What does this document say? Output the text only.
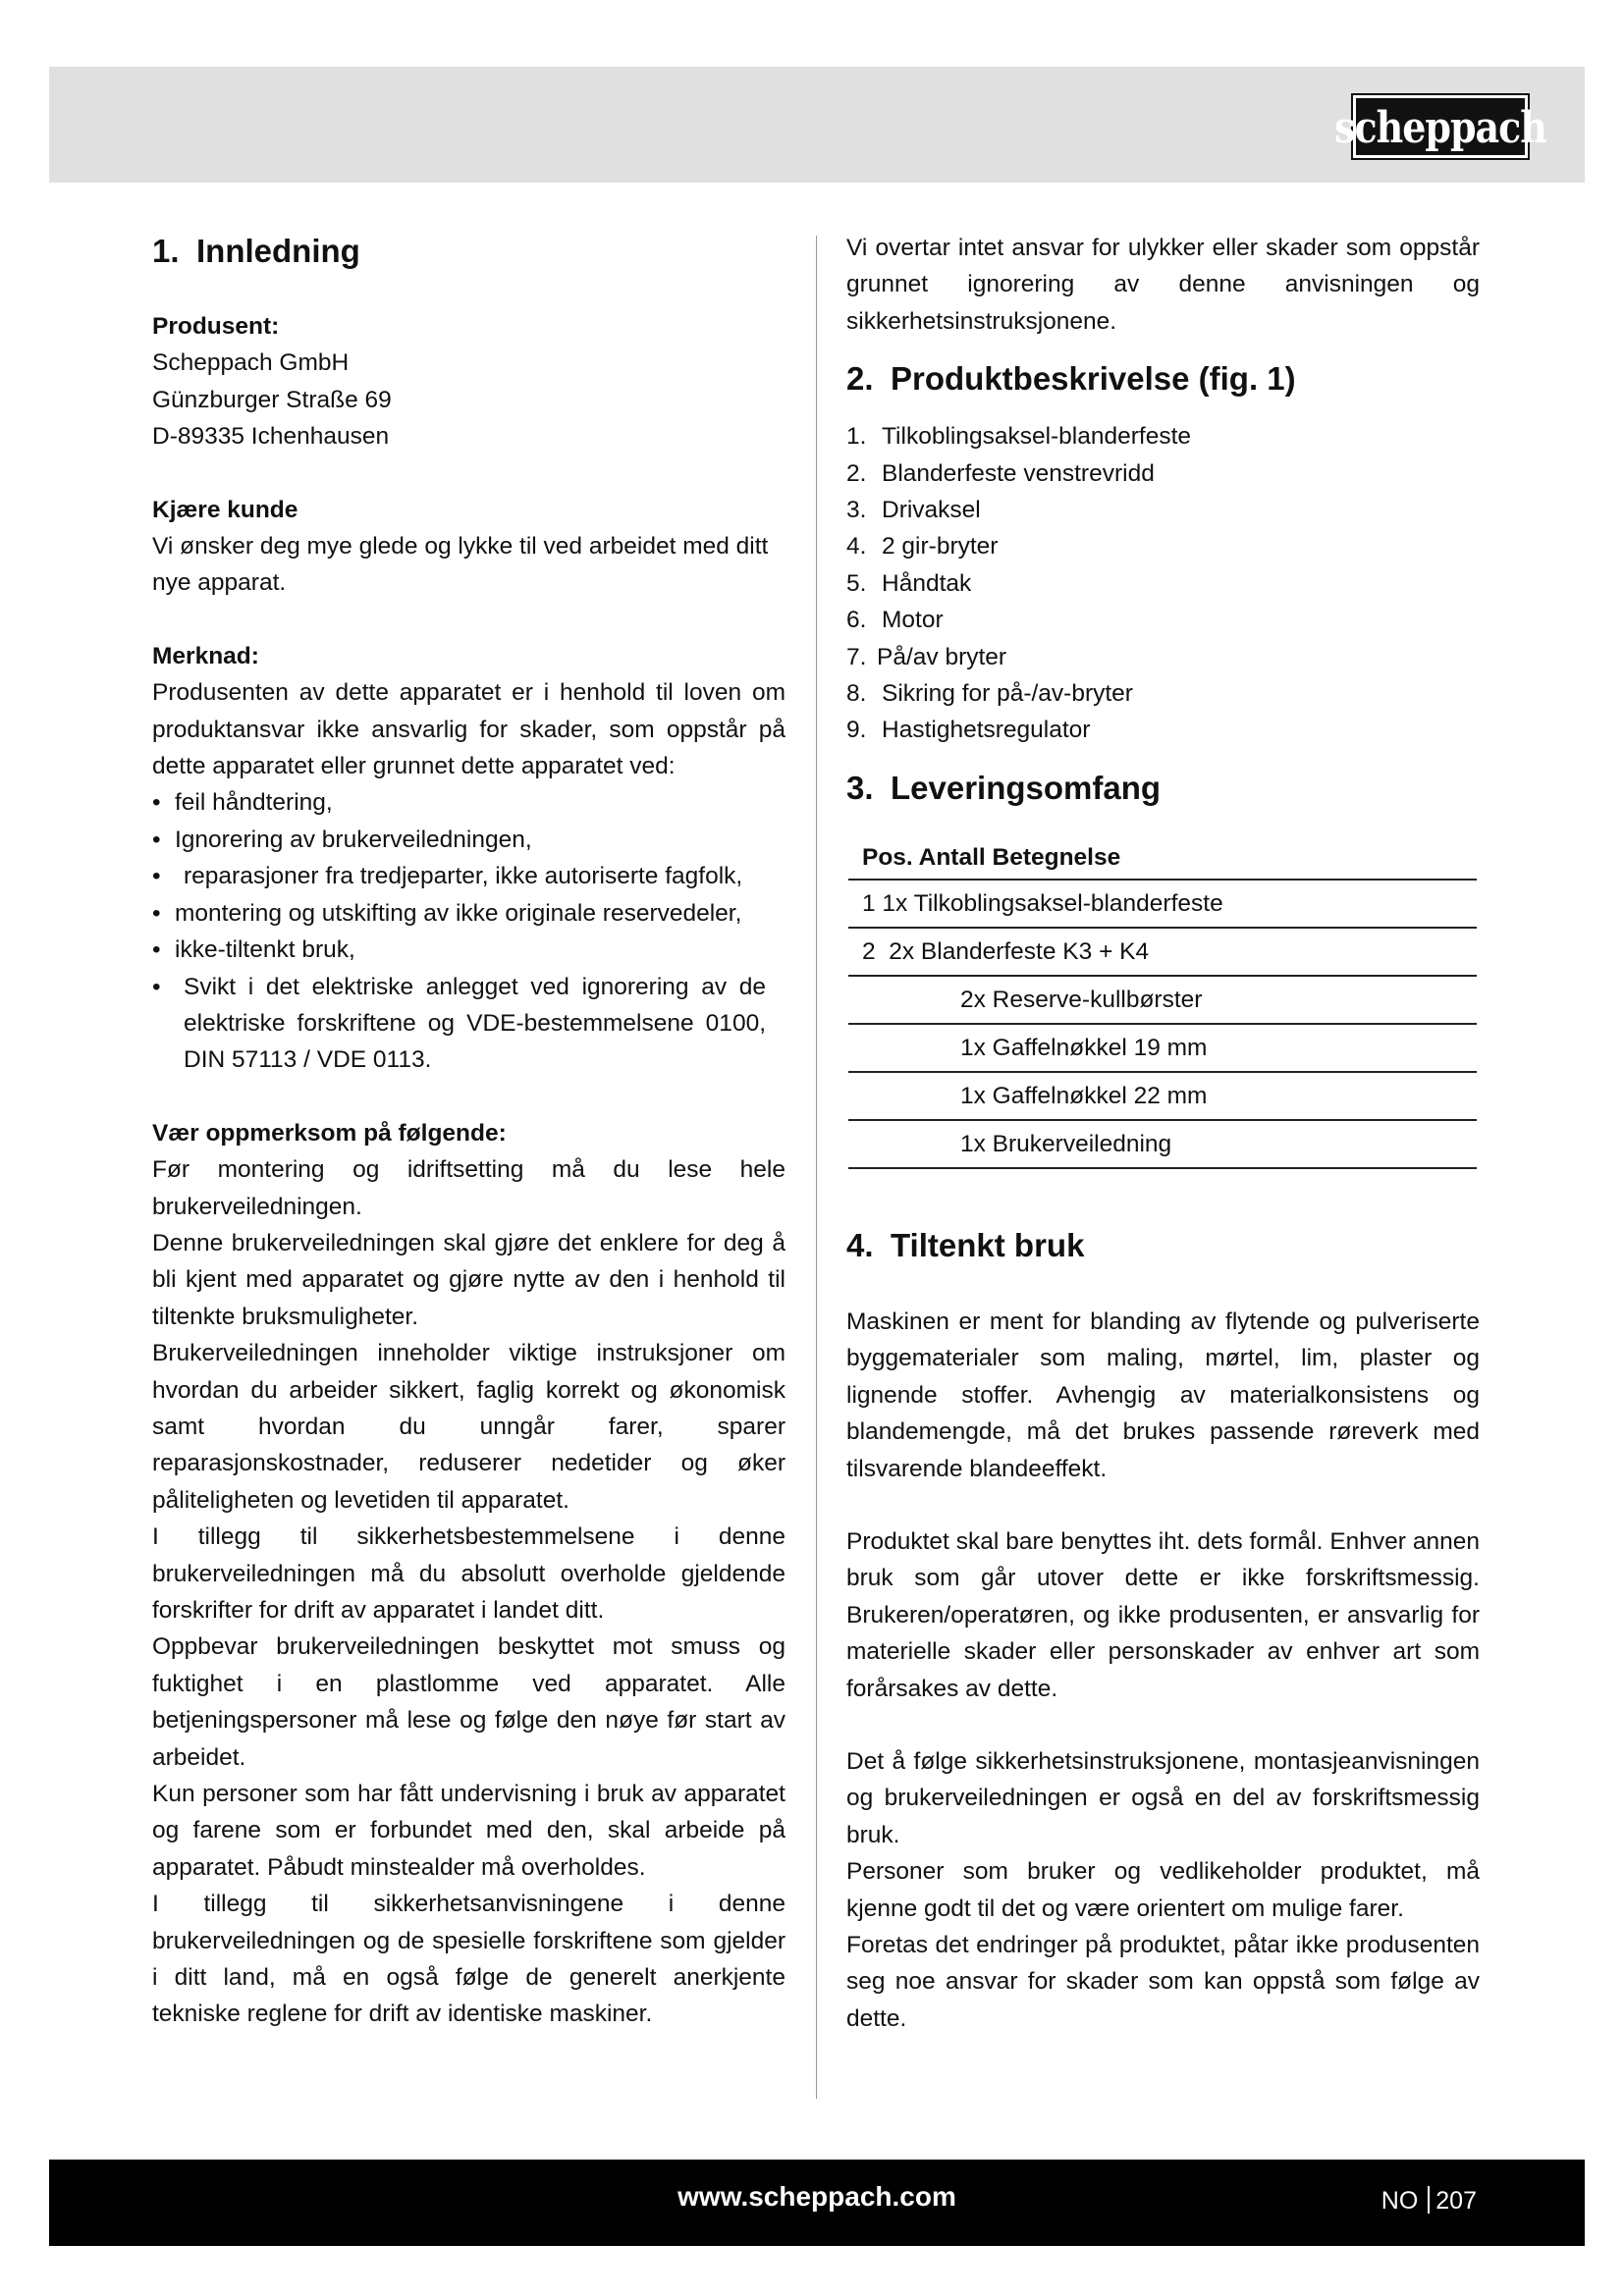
scheppach
1. Innledning

Produsent:

Scheppach GmbH

Günzburger Straße 69

D-89335 Ichenhausen

Kjære kunde

Vi ønsker deg mye glede og lykke til ved arbeidet med ditt nye apparat.

Merknad:

Produsenten av dette apparatet er i henhold til loven om produktansvar ikke ansvarlig for skader, som oppstår på dette apparatet eller grunnet dette apparatet ved:

• feil håndtering,
• Ignorering av brukerveiledningen,
• reparasjoner fra tredjeparter, ikke autoriserte fagfolk,
• montering og utskifting av ikke originale reservedeler,
• ikke-tiltenkt bruk,
• Svikt i det elektriske anlegget ved ignorering av de elektriske forskriftene og VDE-bestemmelsene 0100, DIN 57113 / VDE 0113.

Vær oppmerksom på følgende:

Før montering og idriftsetting må du lese hele brukerveiledningen.

Denne brukerveiledningen skal gjøre det enklere for deg å bli kjent med apparatet og gjøre nytte av den i henhold til tiltenkte bruksmuligheter.

Brukerveiledningen inneholder viktige instruksjoner om hvordan du arbeider sikkert, faglig korrekt og økonomisk samt hvordan du unngår farer, sparer reparasjonskostnader, reduserer nedetider og øker påliteligheten og levetiden til apparatet.

I tillegg til sikkerhetsbestemmelsene i denne brukerveiledningen må du absolutt overholde gjeldende forskrifter for drift av apparatet i landet ditt.

Oppbevar brukerveiledningen beskyttet mot smuss og fuktighet i en plastlomme ved apparatet. Alle betjeningspersoner må lese og følge den nøye før start av arbeidet.

Kun personer som har fått undervisning i bruk av apparatet og farene som er forbundet med den, skal arbeide på apparatet. Påbudt minstealder må overholdes.

I tillegg til sikkerhetsanvisningene i denne brukerveiledningen og de spesielle forskriftene som gjelder i ditt land, må en også følge de generelt anerkjente tekniske reglene for drift av identiske maskiner.

Vi overtar intet ansvar for ulykker eller skader som oppstår grunnet ignorering av denne anvisningen og sikkerhetsinstruksjonene.

2. Produktbeskrivelse (fig. 1)
1. Tilkoblingsaksel-blanderfeste
2. Blanderfeste venstrevridd
3. Drivaksel
4. 2 gir-bryter
5. Håndtak
6. Motor
7. På/av bryter
8. Sikring for på-/av-bryter
9. Hastighetsregulator
3. Leveringsomfang
Pos. Antall Betegnelse
1 1x Tilkoblingsaksel-blanderfeste
2  2x Blanderfeste K3 + K4
2x Reserve-kullbørster
1x Gaffelnøkkel 19 mm
1x Gaffelnøkkel 22 mm
1x Brukerveiledning
4. Tiltenkt bruk

Maskinen er ment for blanding av flytende og pulveriserte byggematerialer som maling, mørtel, lim, plaster og lignende stoffer. Avhengig av materialkonsistens og blandemengde, må det brukes passende røreverk med tilsvarende blandeeffekt.

Produktet skal bare benyttes iht. dets formål. Enhver annen bruk som går utover dette er ikke forskriftsmessig. Brukeren/operatøren, og ikke produsenten, er ansvarlig for materielle skader eller personskader av enhver art som forårsakes av dette.

Det å følge sikkerhetsinstruksjonene, montasjeanvisningen og brukerveiledningen er også en del av forskriftsmessig bruk.

Personer som bruker og vedlikeholder produktet, må kjenne godt til det og være orientert om mulige farer.

Foretas det endringer på produktet, påtar ikke produsenten seg noe ansvar for skader som kan oppstå som følge av dette.

www.scheppach.com	NO 207
